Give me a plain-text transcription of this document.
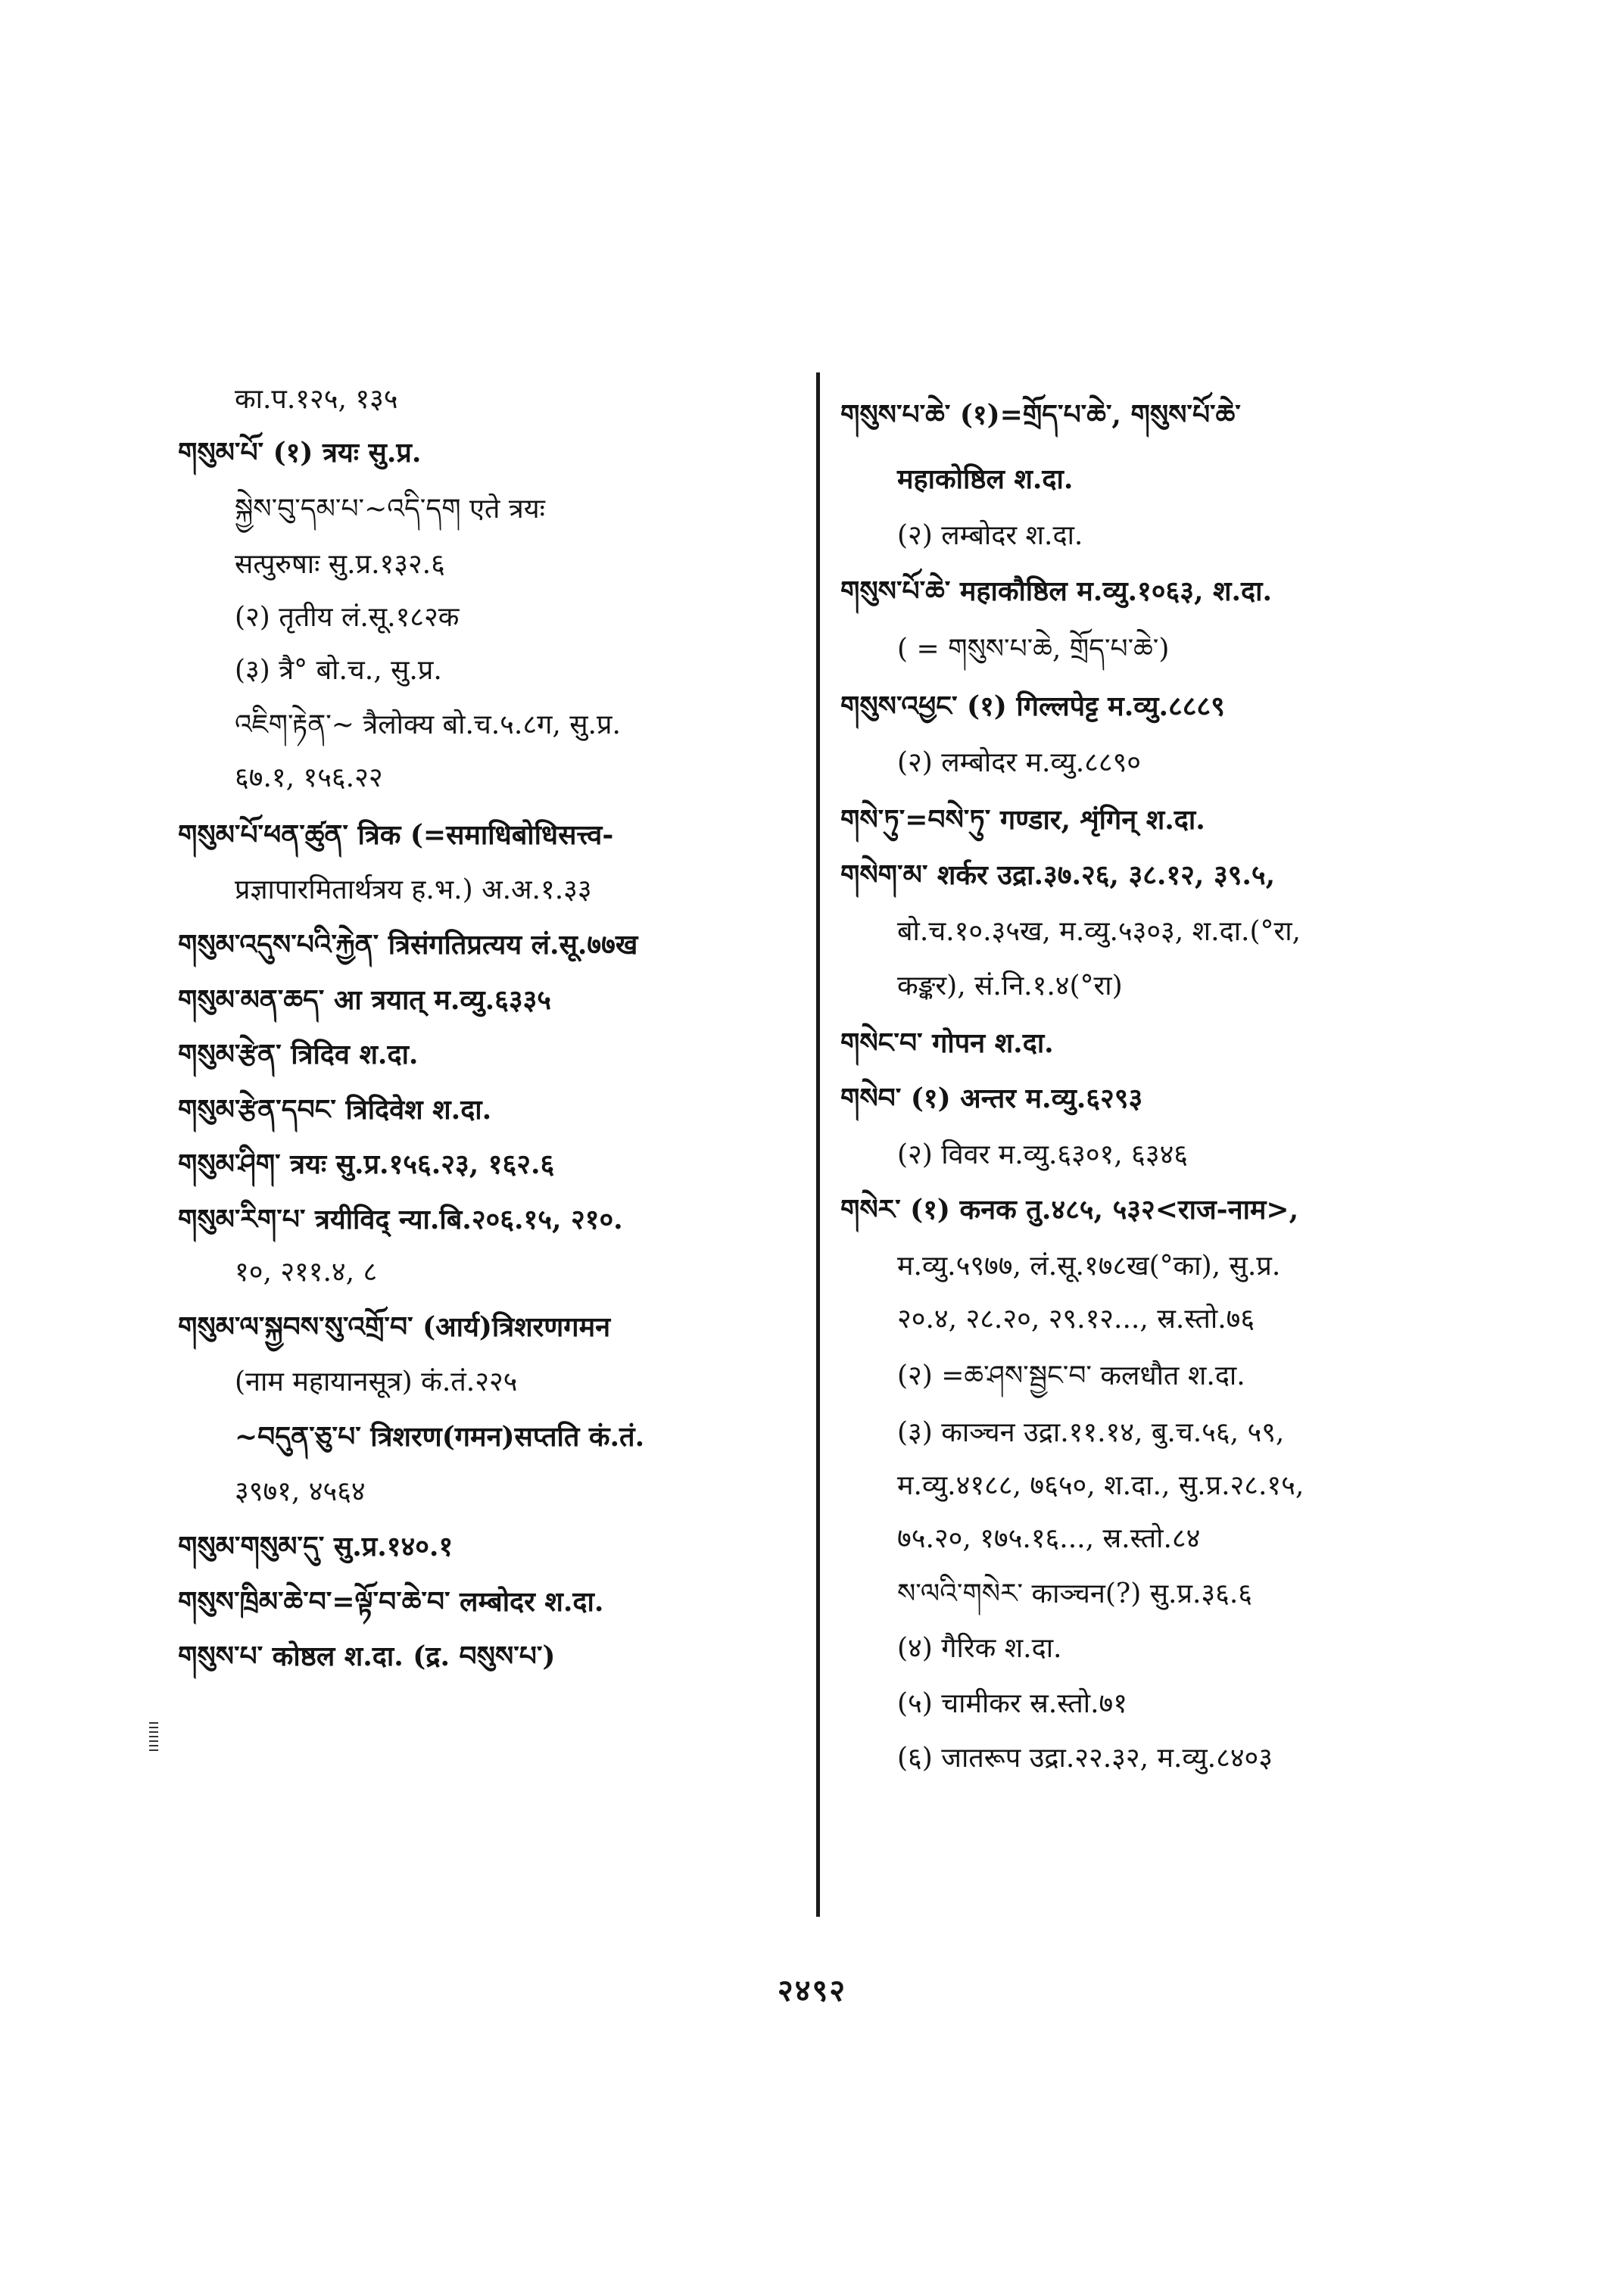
का.प.१२५, १३५
གསུམ་པོ་ (१) त्रयः सु.प्र.
སྐྱེས་བུ་དམ་པ་~འདི་དག एते त्रयः
सत्पुरुषाः सु.प्र.१३२.६
(२) तृतीय लं.सू.१८२क
(३) त्रै° बो.च., सु.प्र.
འཇིག་རྟེན་~ त्रैलोक्य बो.च.५.८ग, सु.प्र.
६७.१, १५६.२२
གསུམ་པོ་ཕན་ཚུན་ त्रिक (=समाधिबोधिसत्त्व-
प्रज्ञापारमितार्थत्रय ह.भ.) अ.अ.१.३३
གསུམ་འདུས་པའི་རྐྱེན་ त्रिसंगतिप्रत्यय लं.सू.७७ख
གསུམ་མན་ཆད་ आ त्रयात् म.व्यु.६३३५
གསུམ་རྩེན་ त्रिदिव श.दा.
གསུམ་རྩེན་དབང་ त्रिदिवेश श.दा.
གསུམ་ཤིག་ त्रयः सु.प्र.१५६.२३, १६२.६
གསུམ་རིག་པ་ त्रयीविद् न्या.बि.२०६.१५, २१०.
१०, २११.४, ८
གསུམ་ལ་སྐྱབས་སུ་འགྲོ་བ་ (आर्य)त्रिशरणगमन
(नाम महायानसूत्र) कं.तं.२२५
~བདུན་ཅུ་པ་ त्रिशरण(गमन)सप्तति कं.तं.
३९७१, ४५६४
གསུམ་གསུམ་དུ་ सु.प्र.१४०.१
གསུས་ཁྲིམ་ཆེ་བ་=ལྟོ་བ་ཆེ་བ་ लम्बोदर श.दा.
གསུས་པ་ कोष्ठल श.दा. (द्र. བསུས་པ་)
གསུས་པ་ཆེ་ (१)=གྲོད་པ་ཆེ་, གསུས་པོ་ཆེ་
महाकोष्ठिल श.दा.
(२) लम्बोदर श.दा.
གསུས་པོ་ཆེ་ महाकौष्ठिल म.व्यु.१०६३, श.दा.
( = གསུས་པ་ཆེ, གྲོད་པ་ཆེ་)
གསུས་འཕྱང་ (१) गिल्लपेट्ट म.व्यु.८८८९
(२) लम्बोदर म.व्यु.८८९०
གསེ་ཏུ་=བསེ་ཏུ་ गण्डार, शृंगिन् श.दा.
གསེག་མ་ शर्कर उद्रा.३७.२६, ३८.१२, ३९.५,
बो.च.१०.३५ख, म.व्यु.५३०३, श.दा.(°रा,
कङ्कर), सं.नि.१.४(°रा)
གསེང་བ་ गोपन श.दा.
གསེབ་ (१) अन्तर म.व्यु.६२९३
(२) विवर म.व्यु.६३०१, ६३४६
གསེར་ (१) कनक तु.४८५, ५३२<राज-नाम>,
म.व्यु.५९७७, लं.सू.१७८ख(°का), सु.प्र.
२०.४, २८.२०, २९.१२..., स्र.स्तो.७६
(२) =ཆ་ཤས་སྦྱང་བ་ कलधौत श.दा.
(३) काञ्चन उद्रा.११.१४, बु.च.५६, ५९,
म.व्यु.४१८८, ७६५०, श.दा., सु.प्र.२८.१५,
७५.२०, १७५.१६..., स्र.स्तो.८४
ས་ལའི་གསེར་ काञ्चन(?) सु.प्र.३६.६
(४) गैरिक श.दा.
(५) चामीकर स्र.स्तो.७१
(६) जातरूप उद्रा.२२.३२, म.व्यु.८४०३
२४९२
